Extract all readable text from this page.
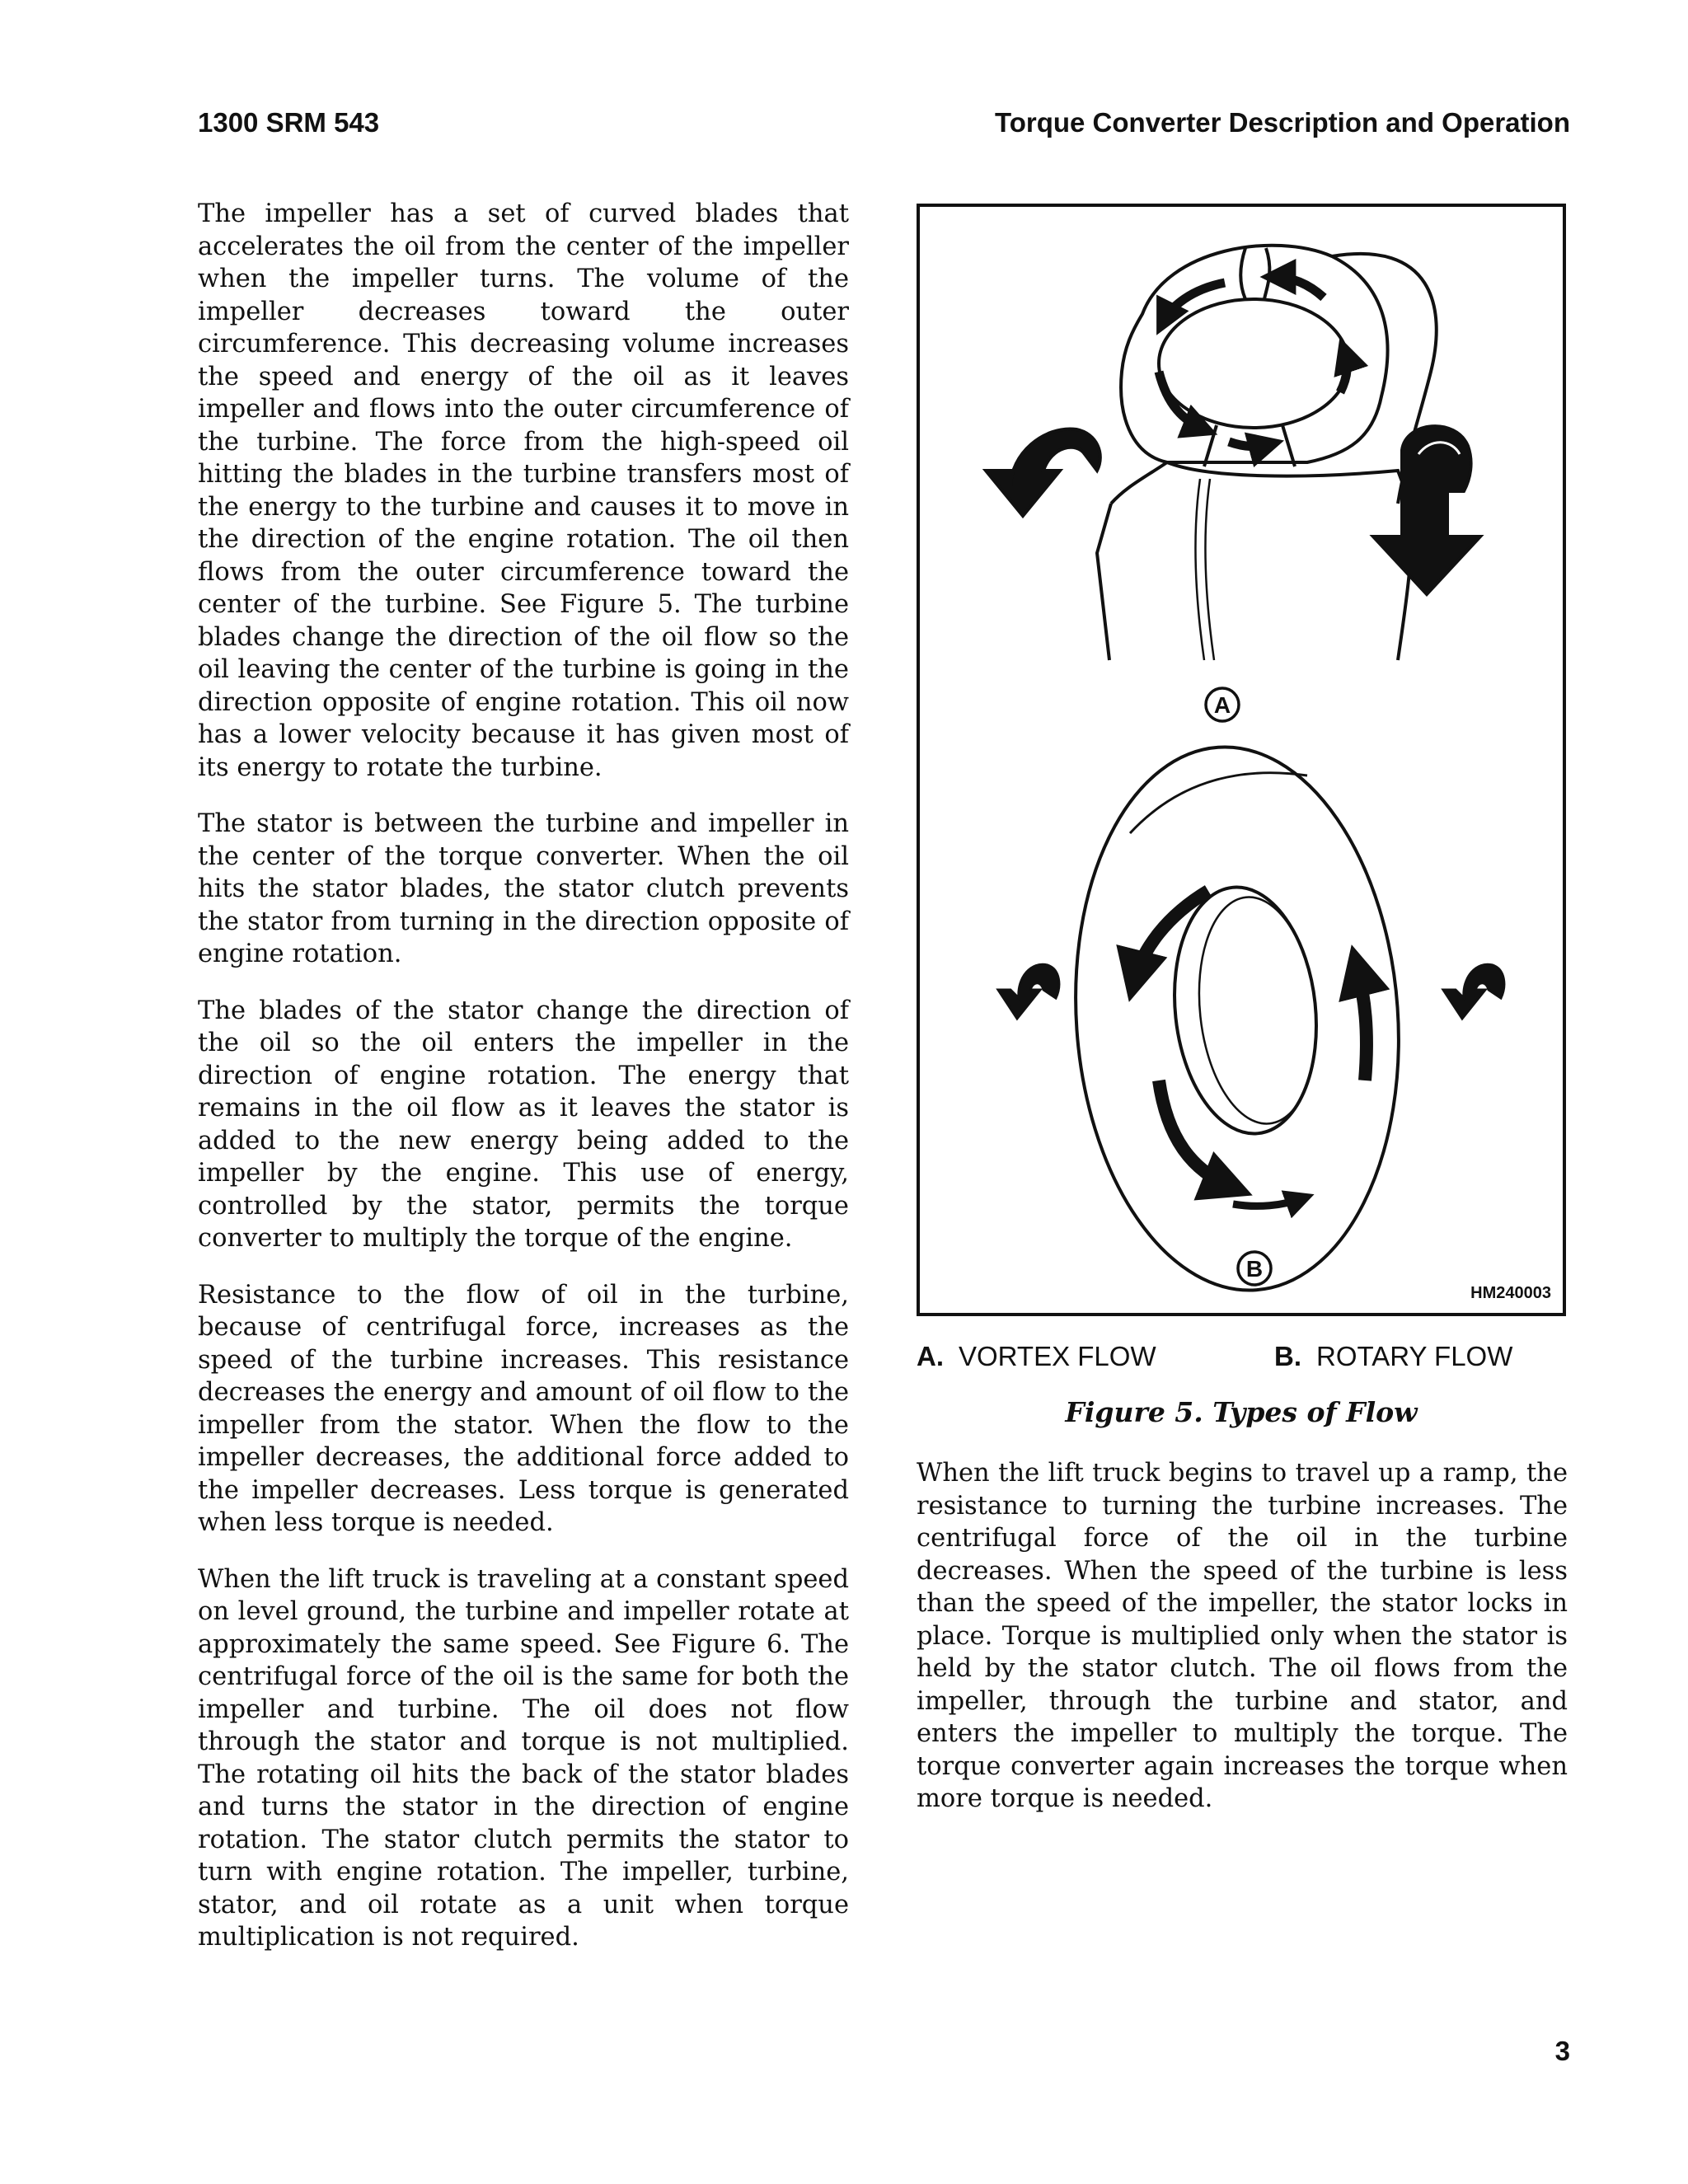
1300 SRM 543	Torque Converter Description and Operation

The impeller has a set of curved blades that accelerates the oil from the center of the impeller when the impeller turns. The volume of the impeller decreases toward the outer circumference. This decreasing volume increases the speed and energy of the oil as it leaves impeller and flows into the outer circumference of the turbine. The force from the high-speed oil hitting the blades in the turbine transfers most of the energy to the turbine and causes it to move in the direction of the engine rotation. The oil then flows from the outer circumference toward the center of the turbine. See Figure 5. The turbine blades change the direction of the oil flow so the oil leaving the center of the turbine is going in the direction opposite of engine rotation. This oil now has a lower velocity because it has given most of its energy to rotate the turbine.

The stator is between the turbine and impeller in the center of the torque converter. When the oil hits the stator blades, the stator clutch prevents the stator from turning in the direction opposite of engine rotation.

The blades of the stator change the direction of the oil so the oil enters the impeller in the direction of engine rotation. The energy that remains in the oil flow as it leaves the stator is added to the new energy being added to the impeller by the engine. This use of energy, controlled by the stator, permits the torque converter to multiply the torque of the engine.

Resistance to the flow of oil in the turbine, because of centrifugal force, increases as the speed of the turbine increases. This resistance decreases the energy and amount of oil flow to the impeller from the stator. When the flow to the impeller decreases, the additional force added to the impeller decreases. Less torque is generated when less torque is needed.

When the lift truck is traveling at a constant speed on level ground, the turbine and impeller rotate at approximately the same speed. See Figure 6. The centrifugal force of the oil is the same for both the impeller and turbine. The oil does not flow through the stator and torque is not multiplied. The rotating oil hits the back of the stator blades and turns the stator in the direction of engine rotation. The stator clutch permits the stator to turn with engine rotation. The impeller, turbine, stator, and oil rotate as a unit when torque multiplication is not required.

A
B
HM240003
A. VORTEX FLOW	B. ROTARY FLOW
Figure 5. Types of Flow

When the lift truck begins to travel up a ramp, the resistance to turning the turbine increases. The centrifugal force of the oil in the turbine decreases. When the speed of the turbine is less than the speed of the impeller, the stator locks in place. Torque is multiplied only when the stator is held by the stator clutch. The oil flows from the impeller, through the turbine and stator, and enters the impeller to multiply the torque. The torque converter again increases the torque when more torque is needed.

3
